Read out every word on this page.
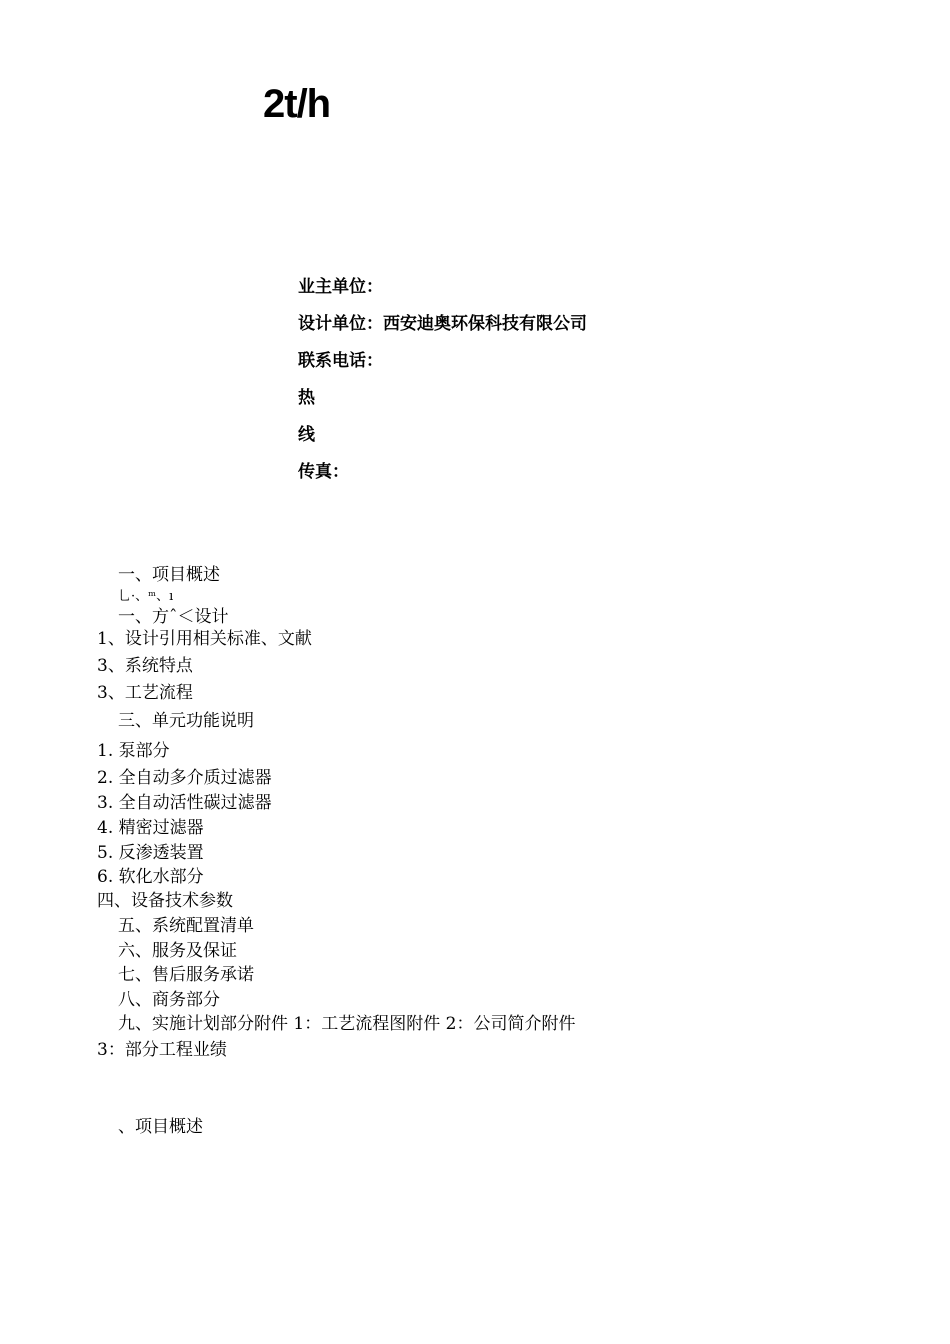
2t/h
业主单位：
设计单位：西安迪奥环保科技有限公司
联系电话：
热
线
传真：
一、项目概述
乚·、ᵐ、ı
一、方ˆ＜设计
1、设计引用相关标准、文献
3、系统特点
3、工艺流程
三、单元功能说明
1. 泵部分
2. 全自动多介质过滤器
3. 全自动活性碳过滤器
4. 精密过滤器
5. 反渗透装置
6. 软化水部分
四、设备技术参数
五、系统配置清单
六、服务及保证
七、售后服务承诺
八、商务部分
九、实施计划部分附件 1：工艺流程图附件 2：公司简介附件
3：部分工程业绩
、项目概述
